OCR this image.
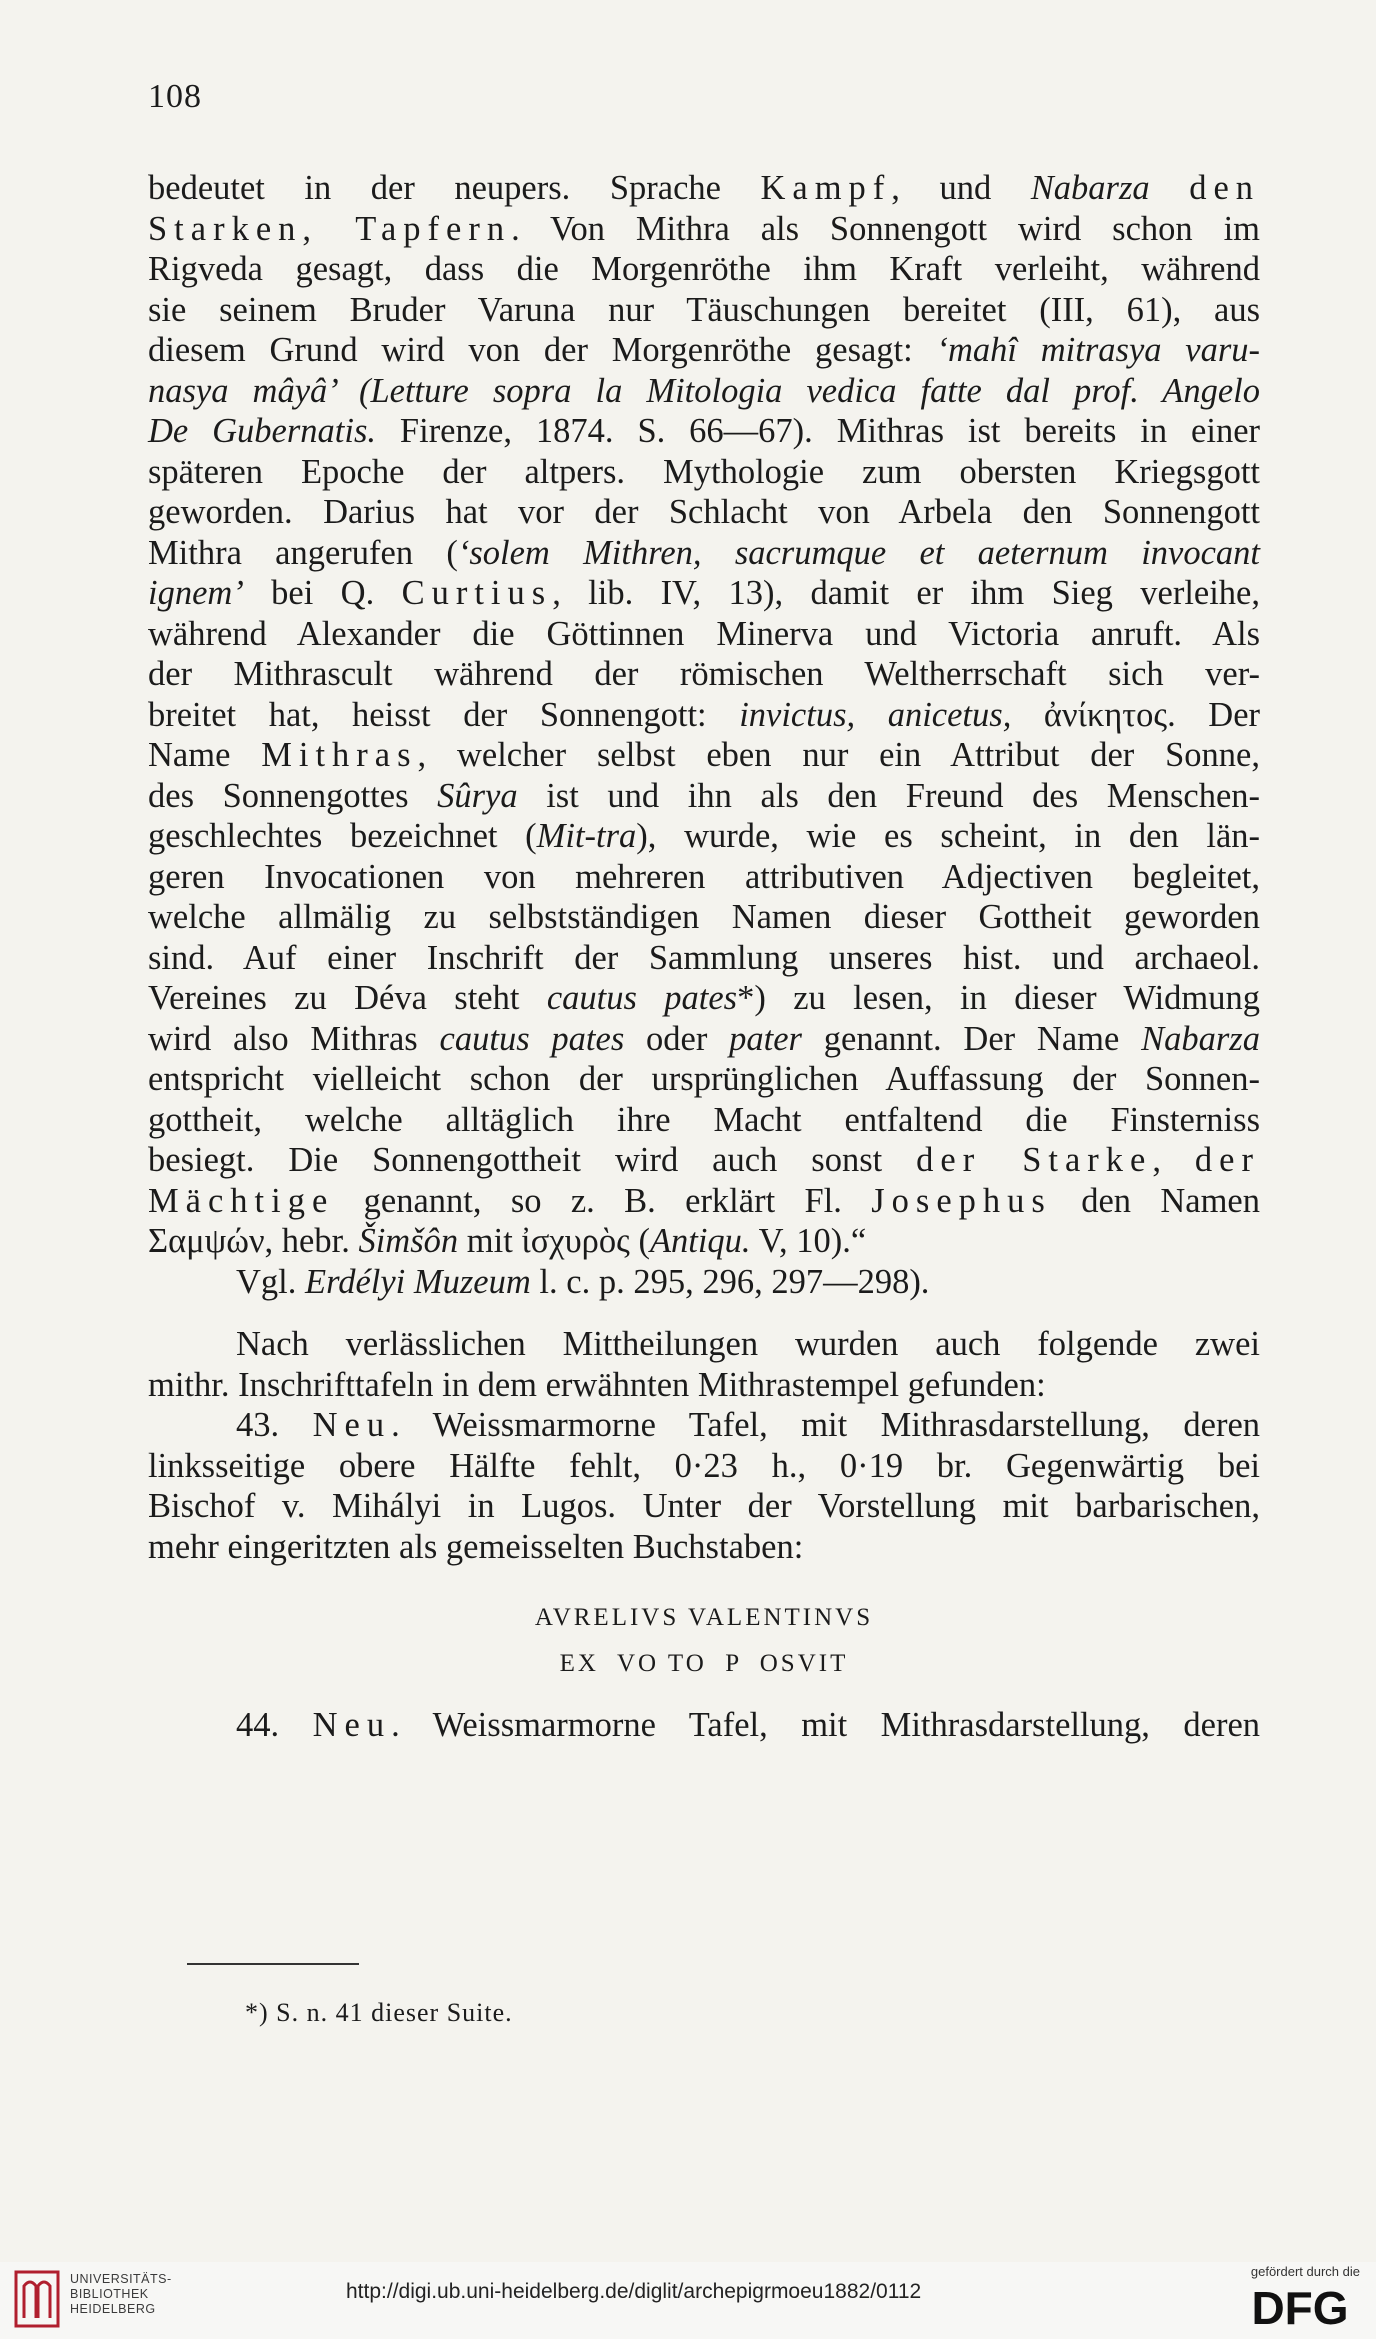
108
bedeutet in der neupers. Sprache Kampf, und Nabarza den
Starken, Tapfern. Von Mithra als Sonnengott wird schon im
Rigveda gesagt, dass die Morgenröthe ihm Kraft verleiht, während
sie seinem Bruder Varuna nur Täuschungen bereitet (III, 61), aus
diesem Grund wird von der Morgenröthe gesagt: ‘mahî mitrasya varu-
nasya mâyâ’ (Letture sopra la Mitologia vedica fatte dal prof. Angelo
De Gubernatis. Firenze, 1874. S. 66—67). Mithras ist bereits in einer
späteren Epoche der altpers. Mythologie zum obersten Kriegsgott
geworden. Darius hat vor der Schlacht von Arbela den Sonnengott
Mithra angerufen (‘solem Mithren, sacrumque et aeternum invocant
ignem’ bei Q. Curtius, lib. IV, 13), damit er ihm Sieg verleihe,
während Alexander die Göttinnen Minerva und Victoria anruft. Als
der Mithrascult während der römischen Weltherrschaft sich ver-
breitet hat, heisst der Sonnengott: invictus, anicetus, ἀνίκητος. Der
Name Mithras, welcher selbst eben nur ein Attribut der Sonne,
des Sonnengottes Sûrya ist und ihn als den Freund des Menschen-
geschlechtes bezeichnet (Mit-tra), wurde, wie es scheint, in den län-
geren Invocationen von mehreren attributiven Adjectiven begleitet,
welche allmälig zu selbstständigen Namen dieser Gottheit geworden
sind. Auf einer Inschrift der Sammlung unseres hist. und archaeol.
Vereines zu Déva steht cautus pates*) zu lesen, in dieser Widmung
wird also Mithras cautus pates oder pater genannt. Der Name Nabarza
entspricht vielleicht schon der ursprünglichen Auffassung der Sonnen-
gottheit, welche alltäglich ihre Macht entfaltend die Finsterniss
besiegt. Die Sonnengottheit wird auch sonst der Starke, der
Mächtige genannt, so z. B. erklärt Fl. Josephus den Namen
Σαμψών, hebr. Šimšôn mit ἰσχυρὸς (Antiqu. V, 10).“
Vgl. Erdélyi Muzeum l. c. p. 295, 296, 297—298).
Nach verlässlichen Mittheilungen wurden auch folgende zwei
mithr. Inschrifttafeln in dem erwähnten Mithrastempel gefunden:
43. Neu. Weissmarmorne Tafel, mit Mithrasdarstellung, deren
linksseitige obere Hälfte fehlt, 0·23 h., 0·19 br. Gegenwärtig bei
Bischof v. Mihályi in Lugos. Unter der Vorstellung mit barbarischen,
mehr eingeritzten als gemeisselten Buchstaben:
AVRELIVS VALENTINVS
EX  VO TO  P  OSVIT
44. Neu. Weissmarmorne Tafel, mit Mithrasdarstellung, deren
*) S. n. 41 dieser Suite.
UNIVERSITÄTS-
BIBLIOTHEK
HEIDELBERG
http://digi.ub.uni-heidelberg.de/diglit/archepigrmoeu1882/0112
gefördert durch die
DFG
